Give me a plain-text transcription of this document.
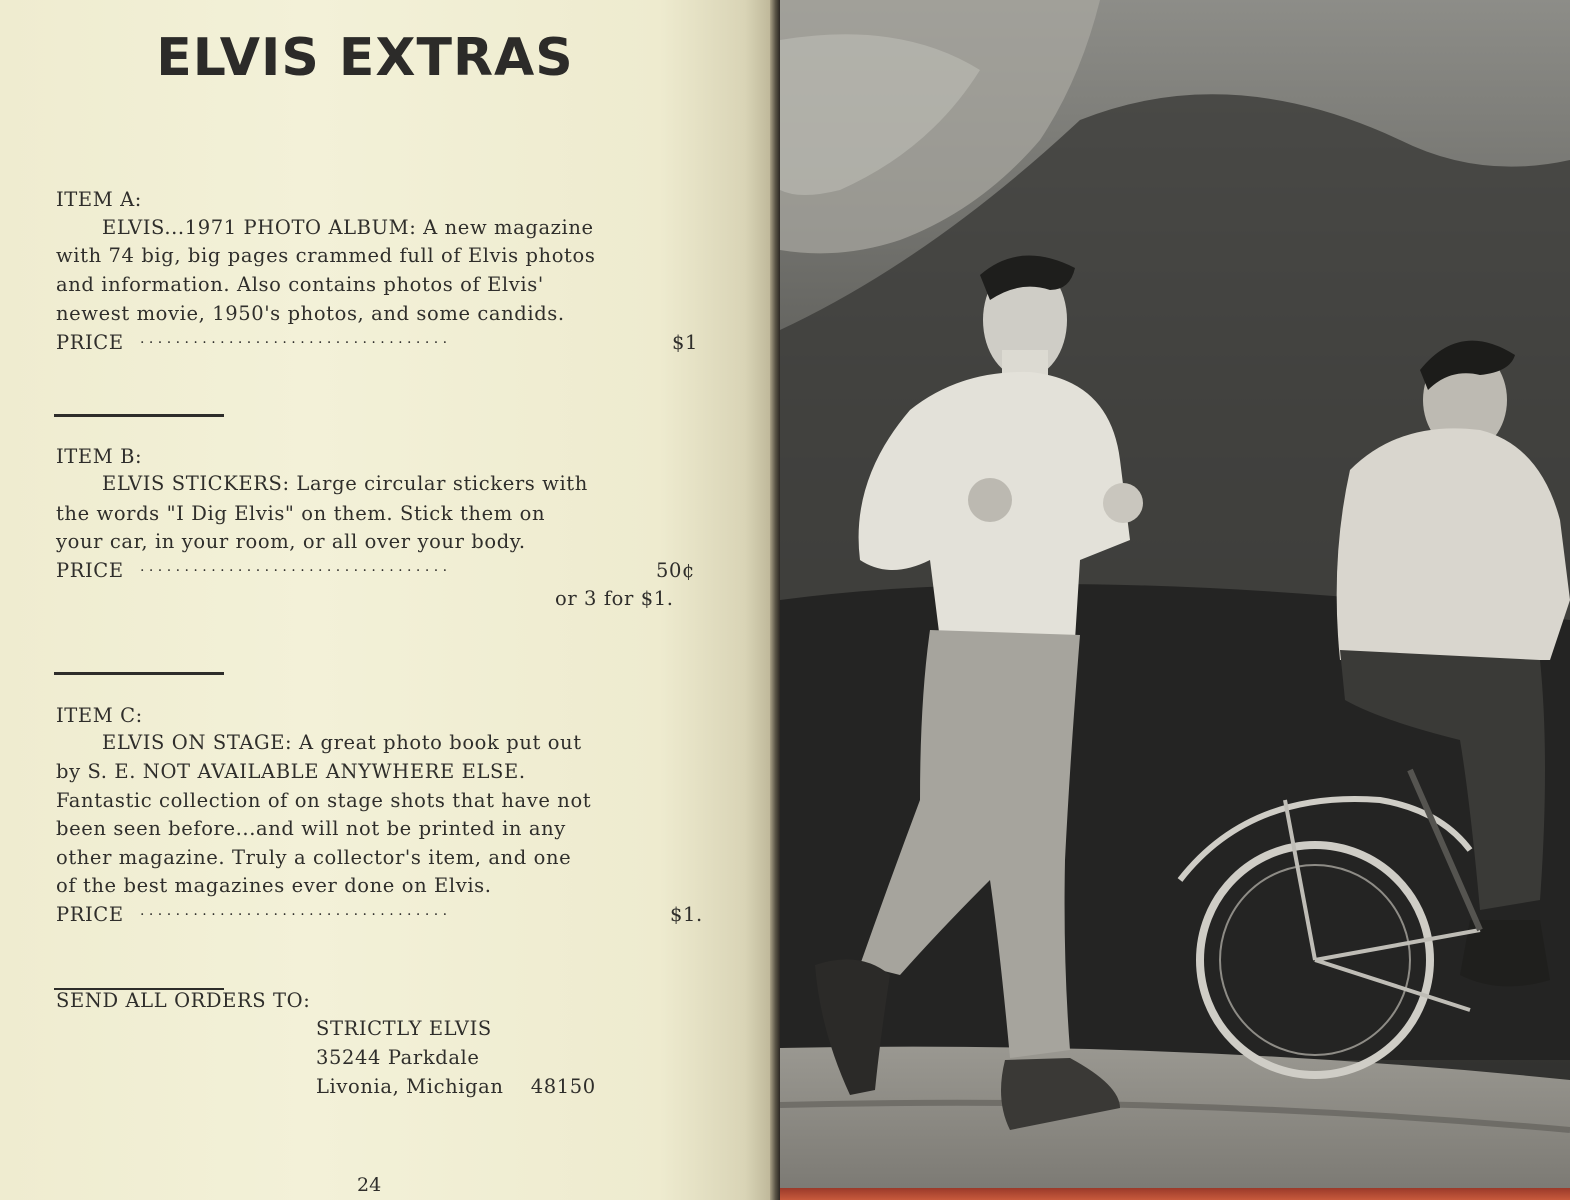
ELVIS EXTRAS
ITEM A:
ELVIS...1971 PHOTO ALBUM: A new magazine
with 74 big, big pages crammed full of Elvis photos
and information. Also contains photos of Elvis'
newest movie, 1950's photos, and some candids.
PRICE . . . . . . . . . . . . . . . . . . . . . . . . . . . . . . . . . . .	$1
ITEM B:
ELVIS STICKERS: Large circular stickers with
the words "I Dig Elvis" on them. Stick them on
your car, in your room, or all over your body.
PRICE . . . . . . . . . . . . . . . . . . . . . . . . . . . . . . . . . . .	50¢
or 3 for $1.
ITEM C:
ELVIS ON STAGE: A great photo book put out
by S. E. NOT AVAILABLE ANYWHERE ELSE.
Fantastic collection of on stage shots that have not
been seen before...and will not be printed in any
other magazine. Truly a collector's item, and one
of the best magazines ever done on Elvis.
PRICE . . . . . . . . . . . . . . . . . . . . . . . . . . . . . . . . . . .	$1.
SEND ALL ORDERS TO:
STRICTLY ELVIS
35244 Parkdale
Livonia, Michigan    48150
24
